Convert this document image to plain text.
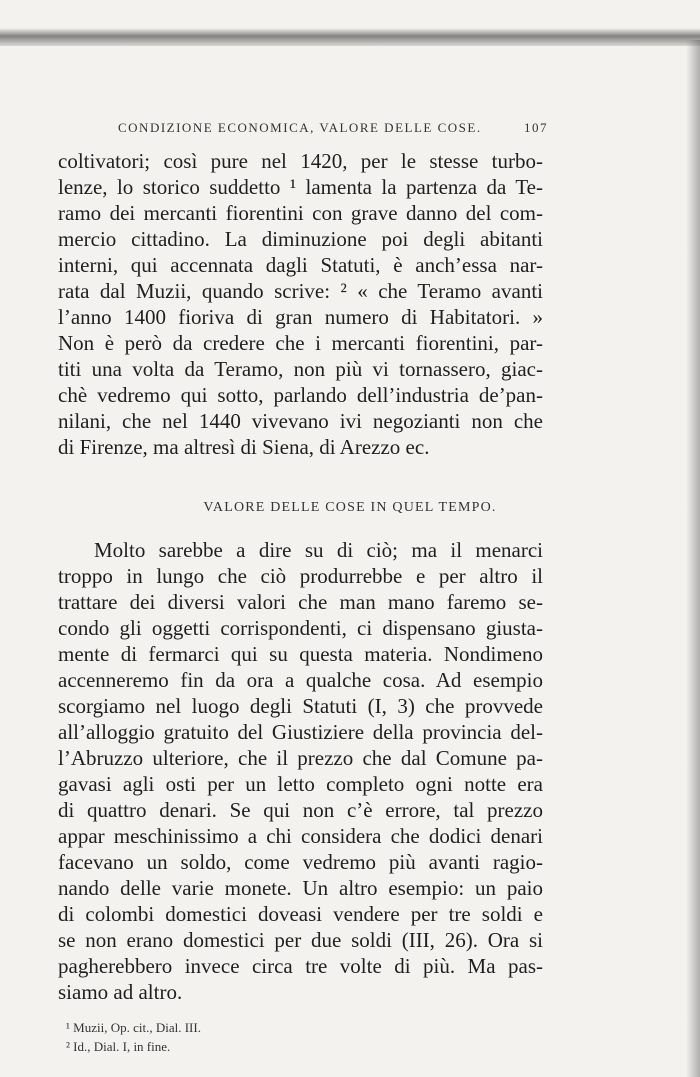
CONDIZIONE ECONOMICA, VALORE DELLE COSE.	107
coltivatori; così pure nel 1420, per le stesse turbo-
lenze, lo storico suddetto ¹ lamenta la partenza da Te-
ramo dei mercanti fiorentini con grave danno del com-
mercio cittadino. La diminuzione poi degli abitanti
interni, qui accennata dagli Statuti, è anch’essa nar-
rata dal Muzii, quando scrive: ² « che Teramo avanti
l’anno 1400 fioriva di gran numero di Habitatori. »
Non è però da credere che i mercanti fiorentini, par-
titi una volta da Teramo, non più vi tornassero, giac-
chè vedremo qui sotto, parlando dell’industria de’pan-
nilani, che nel 1440 vivevano ivi negozianti non che
di Firenze, ma altresì di Siena, di Arezzo ec.
VALORE DELLE COSE IN QUEL TEMPO.
Molto sarebbe a dire su di ciò; ma il menarci
troppo in lungo che ciò produrrebbe e per altro il
trattare dei diversi valori che man mano faremo se-
condo gli oggetti corrispondenti, ci dispensano giusta-
mente di fermarci qui su questa materia. Nondimeno
accenneremo fin da ora a qualche cosa. Ad esempio
scorgiamo nel luogo degli Statuti (I, 3) che provvede
all’alloggio gratuito del Giustiziere della provincia del-
l’Abruzzo ulteriore, che il prezzo che dal Comune pa-
gavasi agli osti per un letto completo ogni notte era
di quattro denari. Se qui non c’è errore, tal prezzo
appar meschinissimo a chi considera che dodici denari
facevano un soldo, come vedremo più avanti ragio-
nando delle varie monete. Un altro esempio: un paio
di colombi domestici doveasi vendere per tre soldi e
se non erano domestici per due soldi (III, 26). Ora si
pagherebbero invece circa tre volte di più. Ma pas-
siamo ad altro.
¹ Muzii, Op. cit., Dial. III.
² Id., Dial. I, in fine.
